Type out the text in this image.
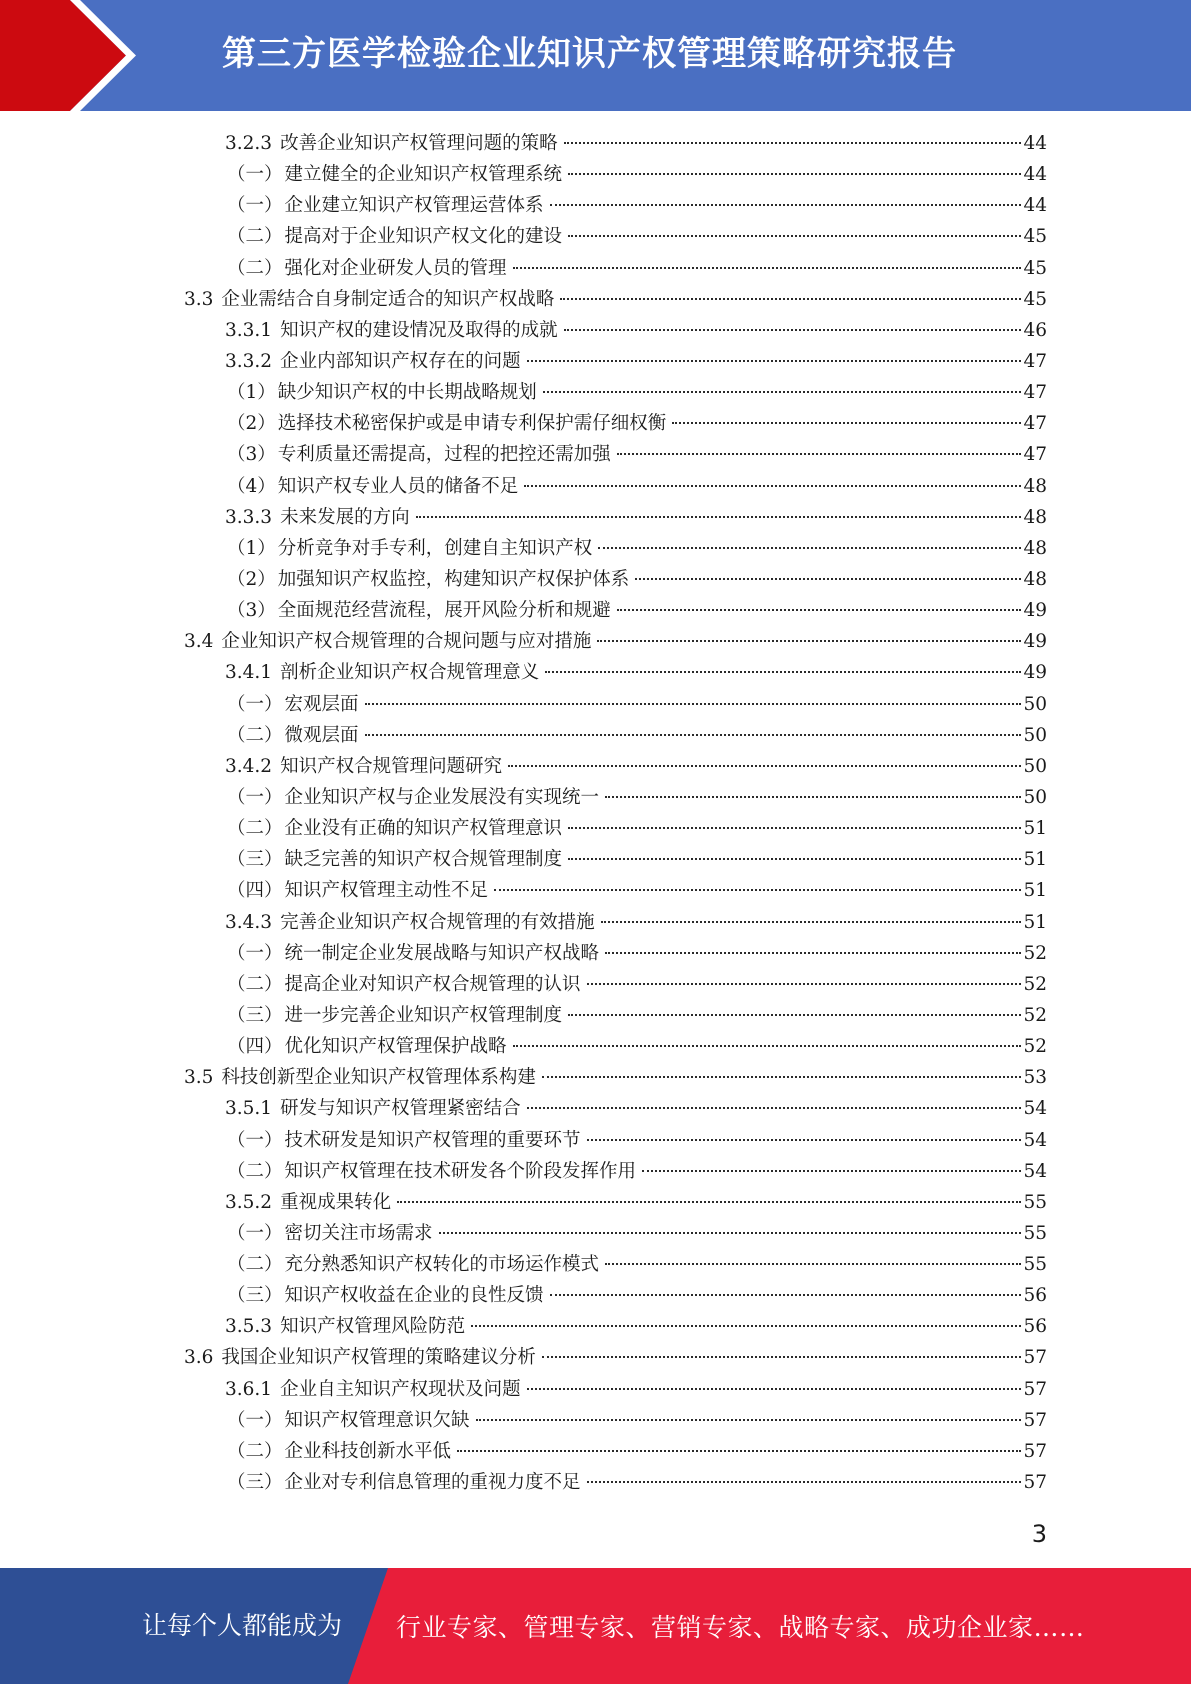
第三方医学检验企业知识产权管理策略研究报告
3.2.3 改善企业知识产权管理问题的策略	44
（一） 建立健全的企业知识产权管理系统	44
（一） 企业建立知识产权管理运营体系	44
（二） 提高对于企业知识产权文化的建设	45
（二） 强化对企业研发人员的管理	45
3.3 企业需结合自身制定适合的知识产权战略	45
3.3.1 知识产权的建设情况及取得的成就	46
3.3.2 企业内部知识产权存在的问题	47
（1） 缺少知识产权的中长期战略规划	47
（2） 选择技术秘密保护或是申请专利保护需仔细权衡	47
（3） 专利质量还需提高，过程的把控还需加强	47
（4） 知识产权专业人员的储备不足	48
3.3.3 未来发展的方向	48
（1） 分析竞争对手专利，创建自主知识产权	48
（2） 加强知识产权监控，构建知识产权保护体系	48
（3） 全面规范经营流程，展开风险分析和规避	49
3.4 企业知识产权合规管理的合规问题与应对措施	49
3.4.1 剖析企业知识产权合规管理意义	49
（一） 宏观层面	50
（二） 微观层面	50
3.4.2 知识产权合规管理问题研究	50
（一） 企业知识产权与企业发展没有实现统一	50
（二） 企业没有正确的知识产权管理意识	51
（三） 缺乏完善的知识产权合规管理制度	51
（四） 知识产权管理主动性不足	51
3.4.3 完善企业知识产权合规管理的有效措施	51
（一） 统一制定企业发展战略与知识产权战略	52
（二） 提高企业对知识产权合规管理的认识	52
（三） 进一步完善企业知识产权管理制度	52
（四） 优化知识产权管理保护战略	52
3.5 科技创新型企业知识产权管理体系构建	53
3.5.1 研发与知识产权管理紧密结合	54
（一） 技术研发是知识产权管理的重要环节	54
（二） 知识产权管理在技术研发各个阶段发挥作用	54
3.5.2 重视成果转化	55
（一） 密切关注市场需求	55
（二） 充分熟悉知识产权转化的市场运作模式	55
（三） 知识产权收益在企业的良性反馈	56
3.5.3 知识产权管理风险防范	56
3.6 我国企业知识产权管理的策略建议分析	57
3.6.1 企业自主知识产权现状及问题	57
（一） 知识产权管理意识欠缺	57
（二） 企业科技创新水平低	57
（三） 企业对专利信息管理的重视力度不足	57
3
让每个人都能成为 行业专家、管理专家、营销专家、战略专家、成功企业家……
